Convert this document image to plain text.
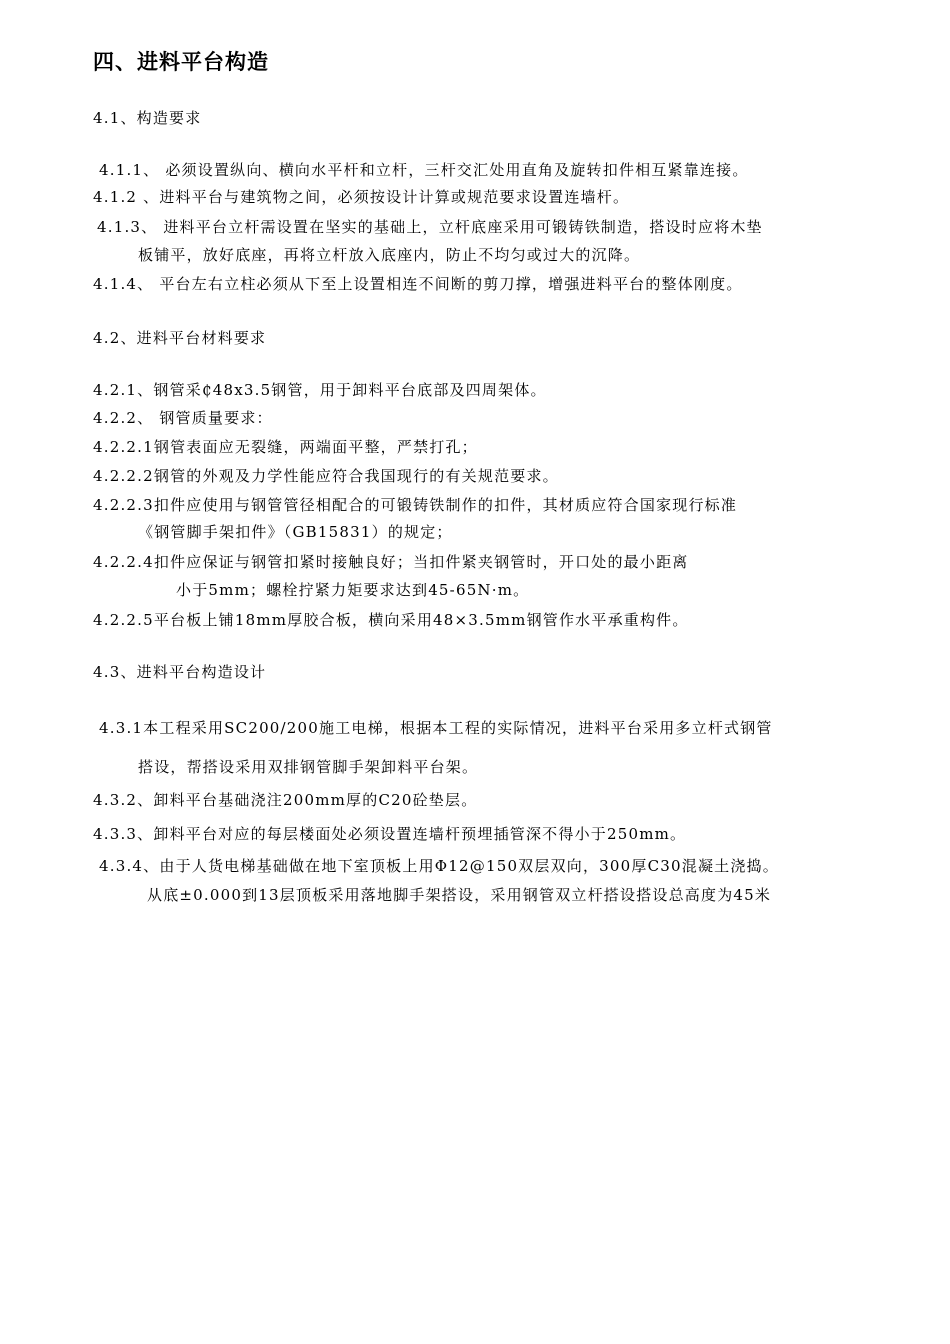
四、进料平台构造
4.1、构造要求
4.1.1、 必须设置纵向、横向水平杆和立杆，三杆交汇处用直角及旋转扣件相互紧靠连接。
4.1.2 、进料平台与建筑物之间，必须按设计计算或规范要求设置连墙杆。
4.1.3、 进料平台立杆需设置在坚实的基础上，立杆底座采用可锻铸铁制造，搭设时应将木垫
板铺平，放好底座，再将立杆放入底座内，防止不均匀或过大的沉降。
4.1.4、 平台左右立柱必须从下至上设置相连不间断的剪刀撑，增强进料平台的整体刚度。
4.2、进料平台材料要求
4.2.1、钢管采₵48x3.5钢管，用于卸料平台底部及四周架体。
4.2.2、 钢管质量要求：
4.2.2.1钢管表面应无裂缝，两端面平整，严禁打孔；
4.2.2.2钢管的外观及力学性能应符合我国现行的有关规范要求。
4.2.2.3扣件应使用与钢管管径相配合的可锻铸铁制作的扣件，其材质应符合国家现行标准
《钢管脚手架扣件》（GB15831）的规定；
4.2.2.4扣件应保证与钢管扣紧时接触良好；当扣件紧夹钢管时，开口处的最小距离
小于5mm；螺栓拧紧力矩要求达到45-65N·m。
4.2.2.5平台板上铺18mm厚胶合板，横向采用48×3.5mm钢管作水平承重构件。
4.3、进料平台构造设计
4.3.1本工程采用SC200/200施工电梯，根据本工程的实际情况，进料平台采用多立杆式钢管
搭设，帮搭设采用双排钢管脚手架卸料平台架。
4.3.2、卸料平台基础浇注200mm厚的C20砼垫层。
4.3.3、卸料平台对应的每层楼面处必须设置连墙杆预埋插管深不得小于250mm。
4.3.4、由于人货电梯基础做在地下室顶板上用Φ12@150双层双向，300厚C30混凝土浇捣。
从底±0.000到13层顶板采用落地脚手架搭设，采用钢管双立杆搭设搭设总高度为45米
